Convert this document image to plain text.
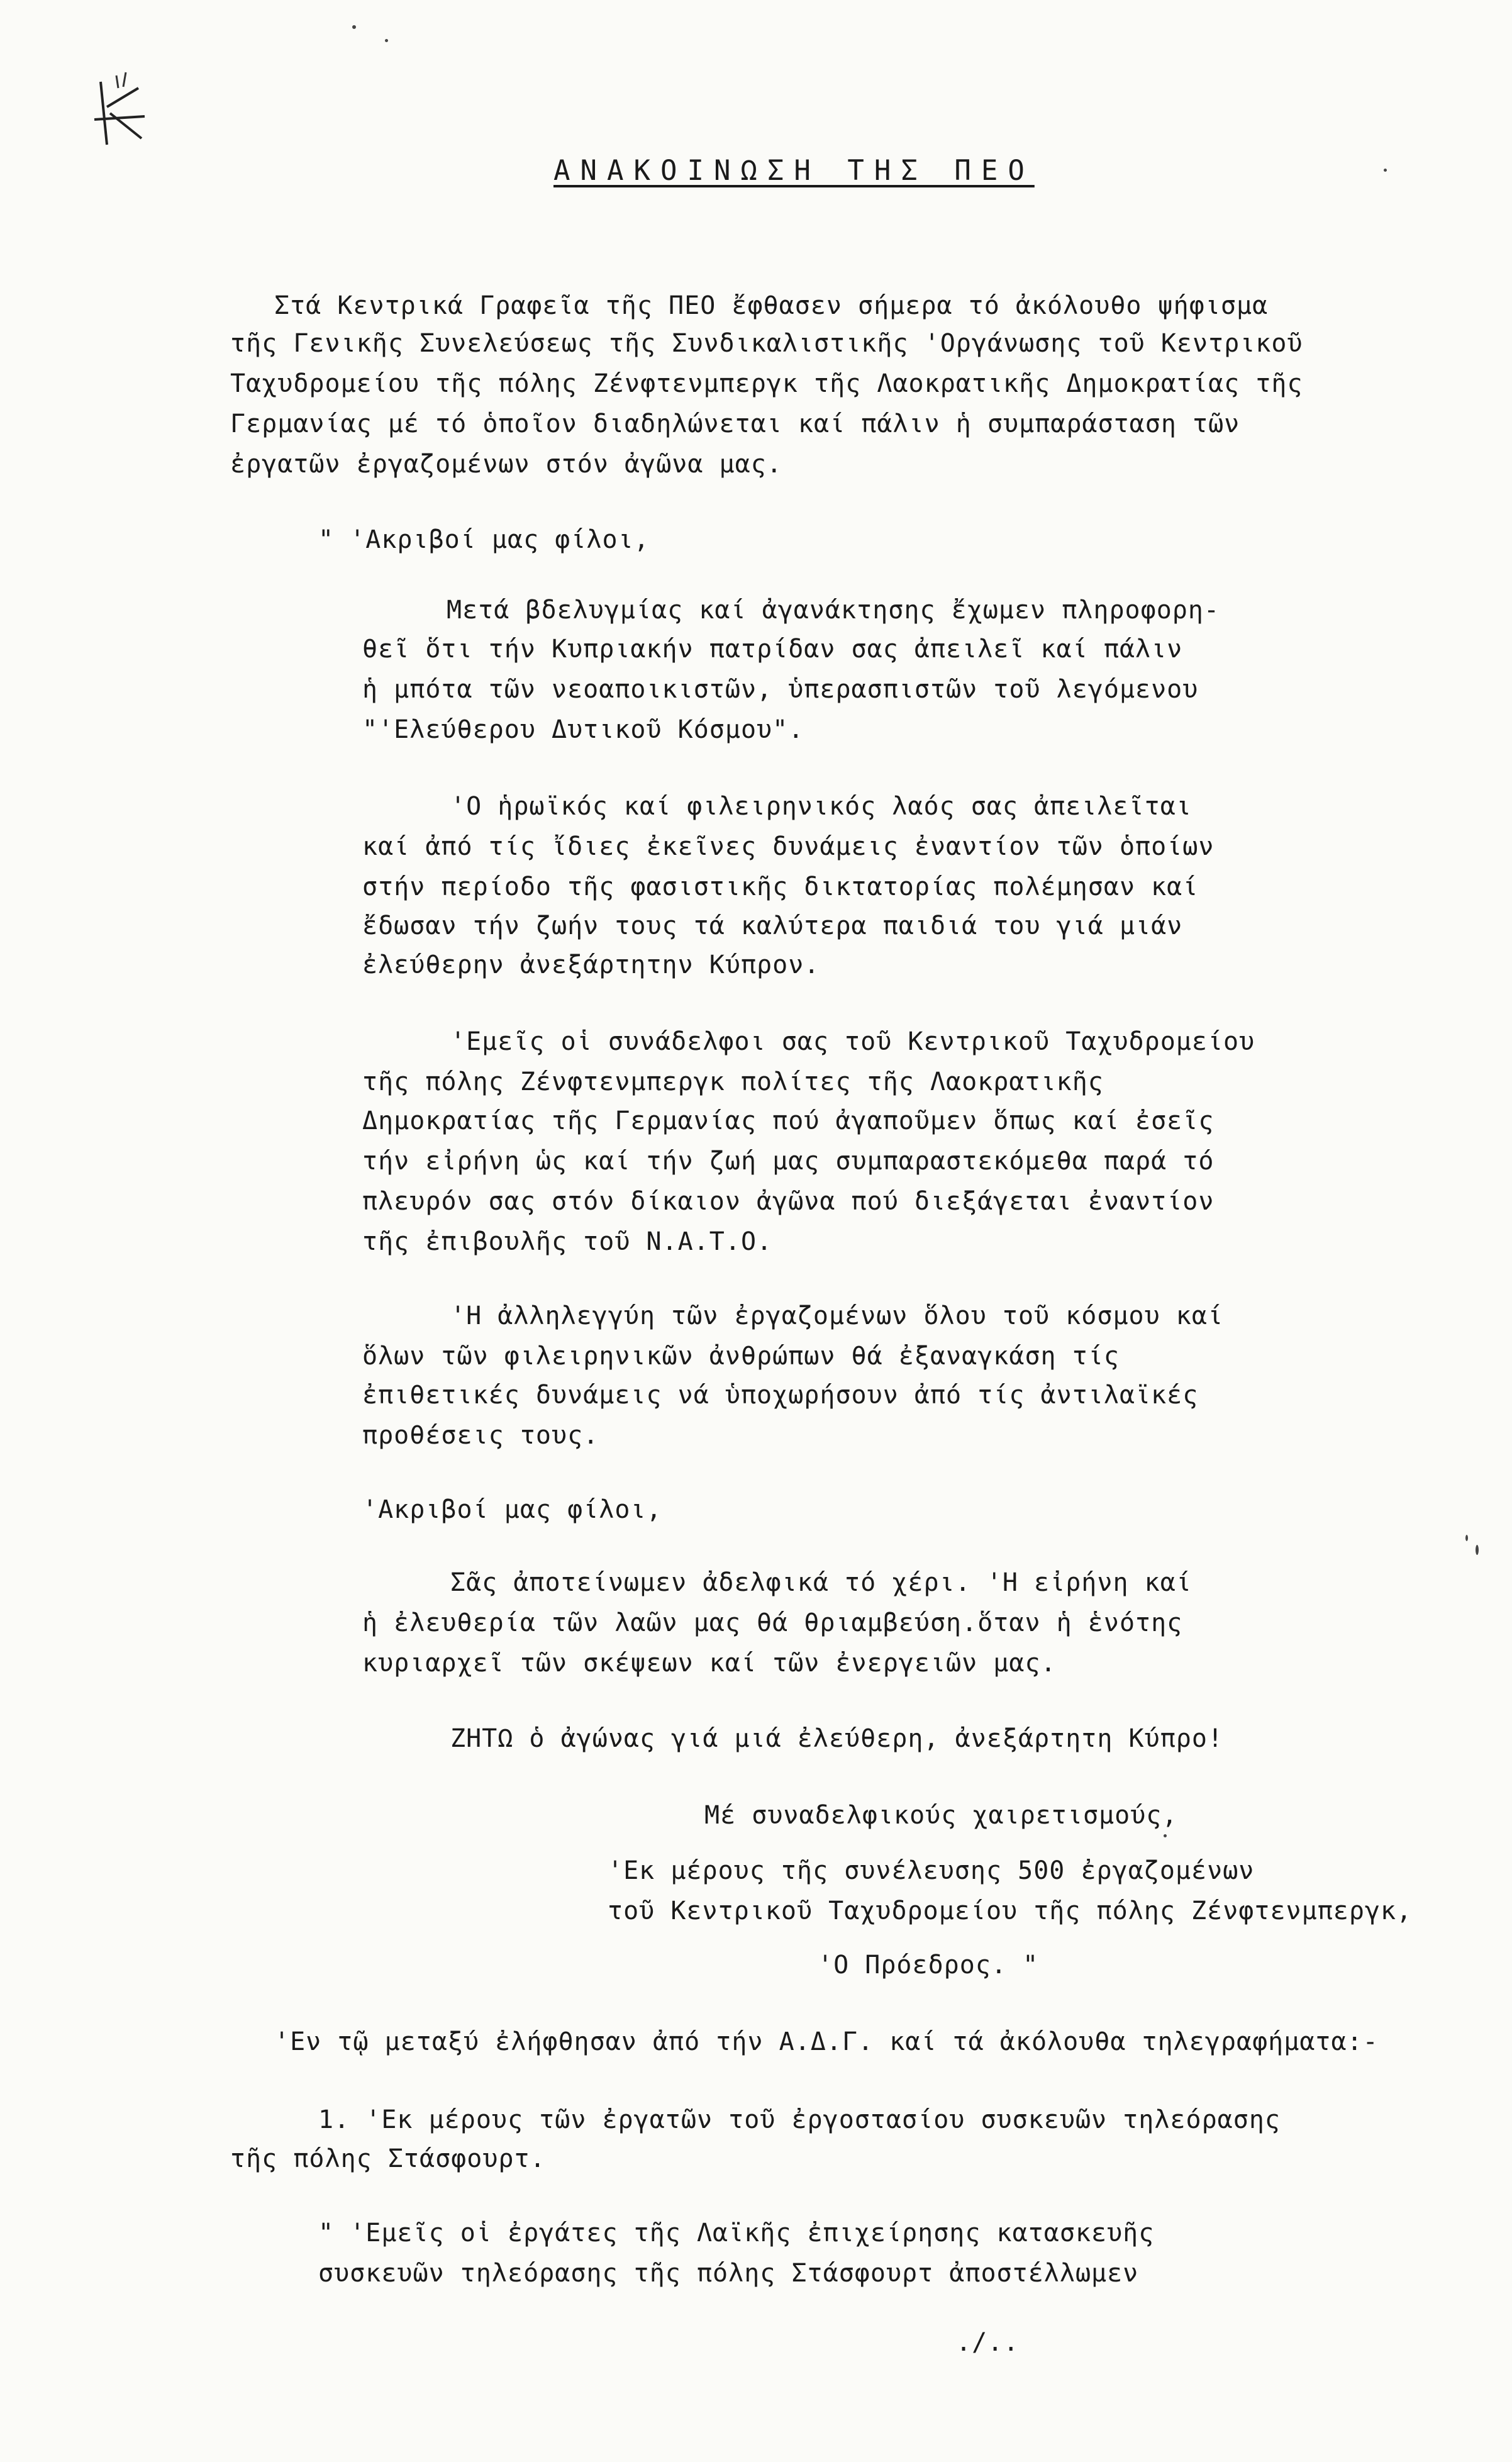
ΑΝΑΚΟΙΝΩΣΗ ΤΗΣ ΠΕΟ
Στά Κεντρικά Γραφεῖα τῆς ΠΕΟ ἔφθασεν σήμερα τό ἀκόλουθο ψήφισμα
τῆς Γενικῆς Συνελεύσεως τῆς Συνδικαλιστικῆς 'Οργάνωσης τοῦ Κεντρικοῦ
Ταχυδρομείου τῆς πόλης Ζένφτενμπεργκ τῆς Λαοκρατικῆς Δημοκρατίας τῆς
Γερμανίας μέ τό ὁποῖον διαδηλώνεται καί πάλιν ἡ συμπαράσταση τῶν
ἐργατῶν ἐργαζομένων στόν ἀγῶνα μας.
" 'Ακριβοί μας φίλοι,
Μετά βδελυγμίας καί ἀγανάκτησης ἔχωμεν πληροφορη-
θεῖ ὅτι τήν Κυπριακήν πατρίδαν σας ἀπειλεῖ καί πάλιν
ἡ μπότα τῶν νεοαποικιστῶν, ὑπερασπιστῶν τοῦ λεγόμενου
"'Ελεύθερου Δυτικοῦ Κόσμου".
'Ο ἡρωϊκός καί φιλειρηνικός λαός σας ἀπειλεῖται
καί ἀπό τίς ἴδιες ἐκεῖνες δυνάμεις ἐναντίον τῶν ὁποίων
στήν περίοδο τῆς φασιστικῆς δικτατορίας πολέμησαν καί
ἔδωσαν τήν ζωήν τους τά καλύτερα παιδιά του γιά μιάν
ἐλεύθερην ἀνεξάρτητην Κύπρον.
'Εμεῖς οἱ συνάδελφοι σας τοῦ Κεντρικοῦ Ταχυδρομείου
τῆς πόλης Ζένφτενμπεργκ πολίτες τῆς Λαοκρατικῆς
Δημοκρατίας τῆς Γερμανίας πού ἀγαποῦμεν ὅπως καί ἐσεῖς
τήν εἰρήνη ὡς καί τήν ζωή μας συμπαραστεκόμεθα παρά τό
πλευρόν σας στόν δίκαιον ἀγῶνα πού διεξάγεται ἐναντίον
τῆς ἐπιβουλῆς τοῦ Ν.Α.Τ.Ο.
'Η ἀλληλεγγύη τῶν ἐργαζομένων ὅλου τοῦ κόσμου καί
ὅλων τῶν φιλειρηνικῶν ἀνθρώπων θά ἐξαναγκάση τίς
ἐπιθετικές δυνάμεις νά ὑποχωρήσουν ἀπό τίς ἀντιλαϊκές
προθέσεις τους.
'Ακριβοί μας φίλοι,
Σᾶς ἀποτείνωμεν ἀδελφικά τό χέρι. 'Η εἰρήνη καί
ἡ ἐλευθερία τῶν λαῶν μας θά θριαμβεύση.ὅταν ἡ ἑνότης
κυριαρχεῖ τῶν σκέψεων καί τῶν ἐνεργειῶν μας.
ΖΗΤΩ ὁ ἀγώνας γιά μιά ἐλεύθερη, ἀνεξάρτητη Κύπρο!
Μέ συναδελφικούς χαιρετισμούς,
'Εκ μέρους τῆς συνέλευσης 500 ἐργαζομένων
τοῦ Κεντρικοῦ Ταχυδρομείου τῆς πόλης Ζένφτενμπεργκ,
'Ο Πρόεδρος. "
'Εν τῷ μεταξύ ἐλήφθησαν ἀπό τήν Α.Δ.Γ. καί τά ἀκόλουθα τηλεγραφήματα:-
1. 'Εκ μέρους τῶν ἐργατῶν τοῦ ἐργοστασίου συσκευῶν τηλεόρασης
τῆς πόλης Στάσφουρτ.
" 'Εμεῖς οἱ ἐργάτες τῆς Λαϊκῆς ἐπιχείρησης κατασκευῆς
συσκευῶν τηλεόρασης τῆς πόλης Στάσφουρτ ἀποστέλλωμεν
./..
